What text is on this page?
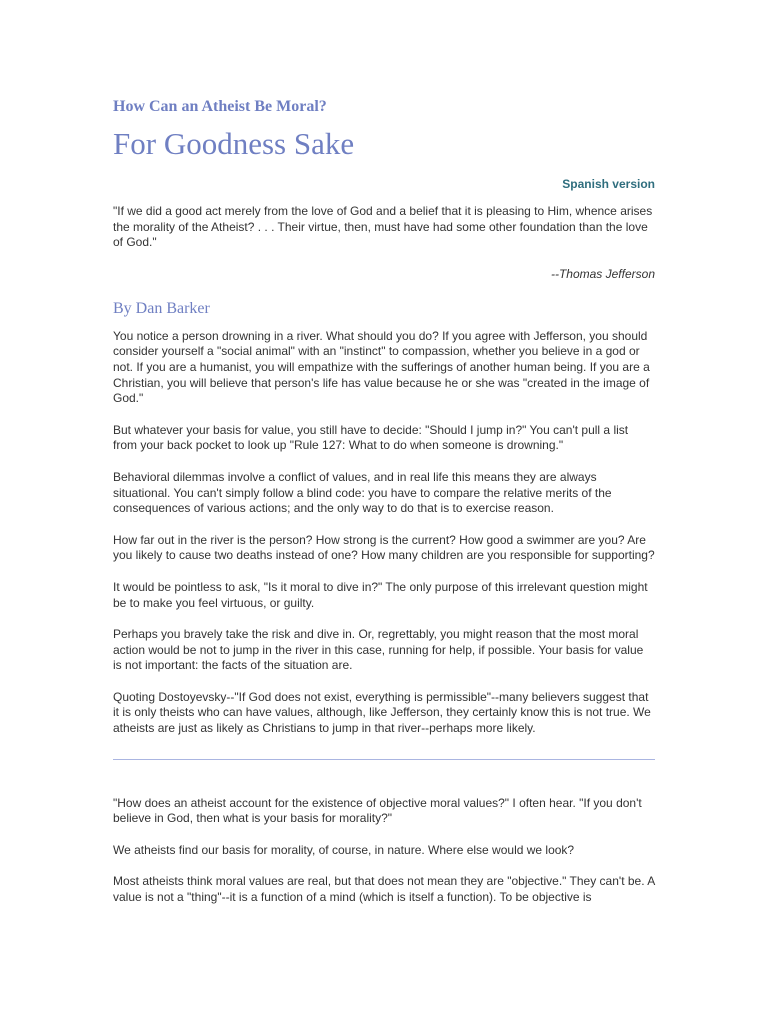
How Can an Atheist Be Moral?
For Goodness Sake
Spanish version

"If we did a good act merely from the love of God and a belief that it is pleasing to Him, whence arises the morality of the Atheist? . . . Their virtue, then, must have had some other foundation than the love of God."

--Thomas Jefferson
By Dan Barker

You notice a person drowning in a river. What should you do? If you agree with Jefferson, you should consider yourself a "social animal" with an "instinct" to compassion, whether you believe in a god or not. If you are a humanist, you will empathize with the sufferings of another human being. If you are a Christian, you will believe that person's life has value because he or she was "created in the image of God."

But whatever your basis for value, you still have to decide: "Should I jump in?" You can't pull a list from your back pocket to look up "Rule 127: What to do when someone is drowning."

Behavioral dilemmas involve a conflict of values, and in real life this means they are always situational. You can't simply follow a blind code: you have to compare the relative merits of the consequences of various actions; and the only way to do that is to exercise reason.

How far out in the river is the person? How strong is the current? How good a swimmer are you? Are you likely to cause two deaths instead of one? How many children are you responsible for supporting?

It would be pointless to ask, "Is it moral to dive in?" The only purpose of this irrelevant question might be to make you feel virtuous, or guilty.

Perhaps you bravely take the risk and dive in. Or, regrettably, you might reason that the most moral action would be not to jump in the river in this case, running for help, if possible. Your basis for value is not important: the facts of the situation are.

Quoting Dostoyevsky--"If God does not exist, everything is permissible"--many believers suggest that it is only theists who can have values, although, like Jefferson, they certainly know this is not true. We atheists are just as likely as Christians to jump in that river--perhaps more likely.

"How does an atheist account for the existence of objective moral values?" I often hear. "If you don't believe in God, then what is your basis for morality?"

We atheists find our basis for morality, of course, in nature. Where else would we look?

Most atheists think moral values are real, but that does not mean they are "objective." They can't be. A value is not a "thing"--it is a function of a mind (which is itself a function). To be objective is
